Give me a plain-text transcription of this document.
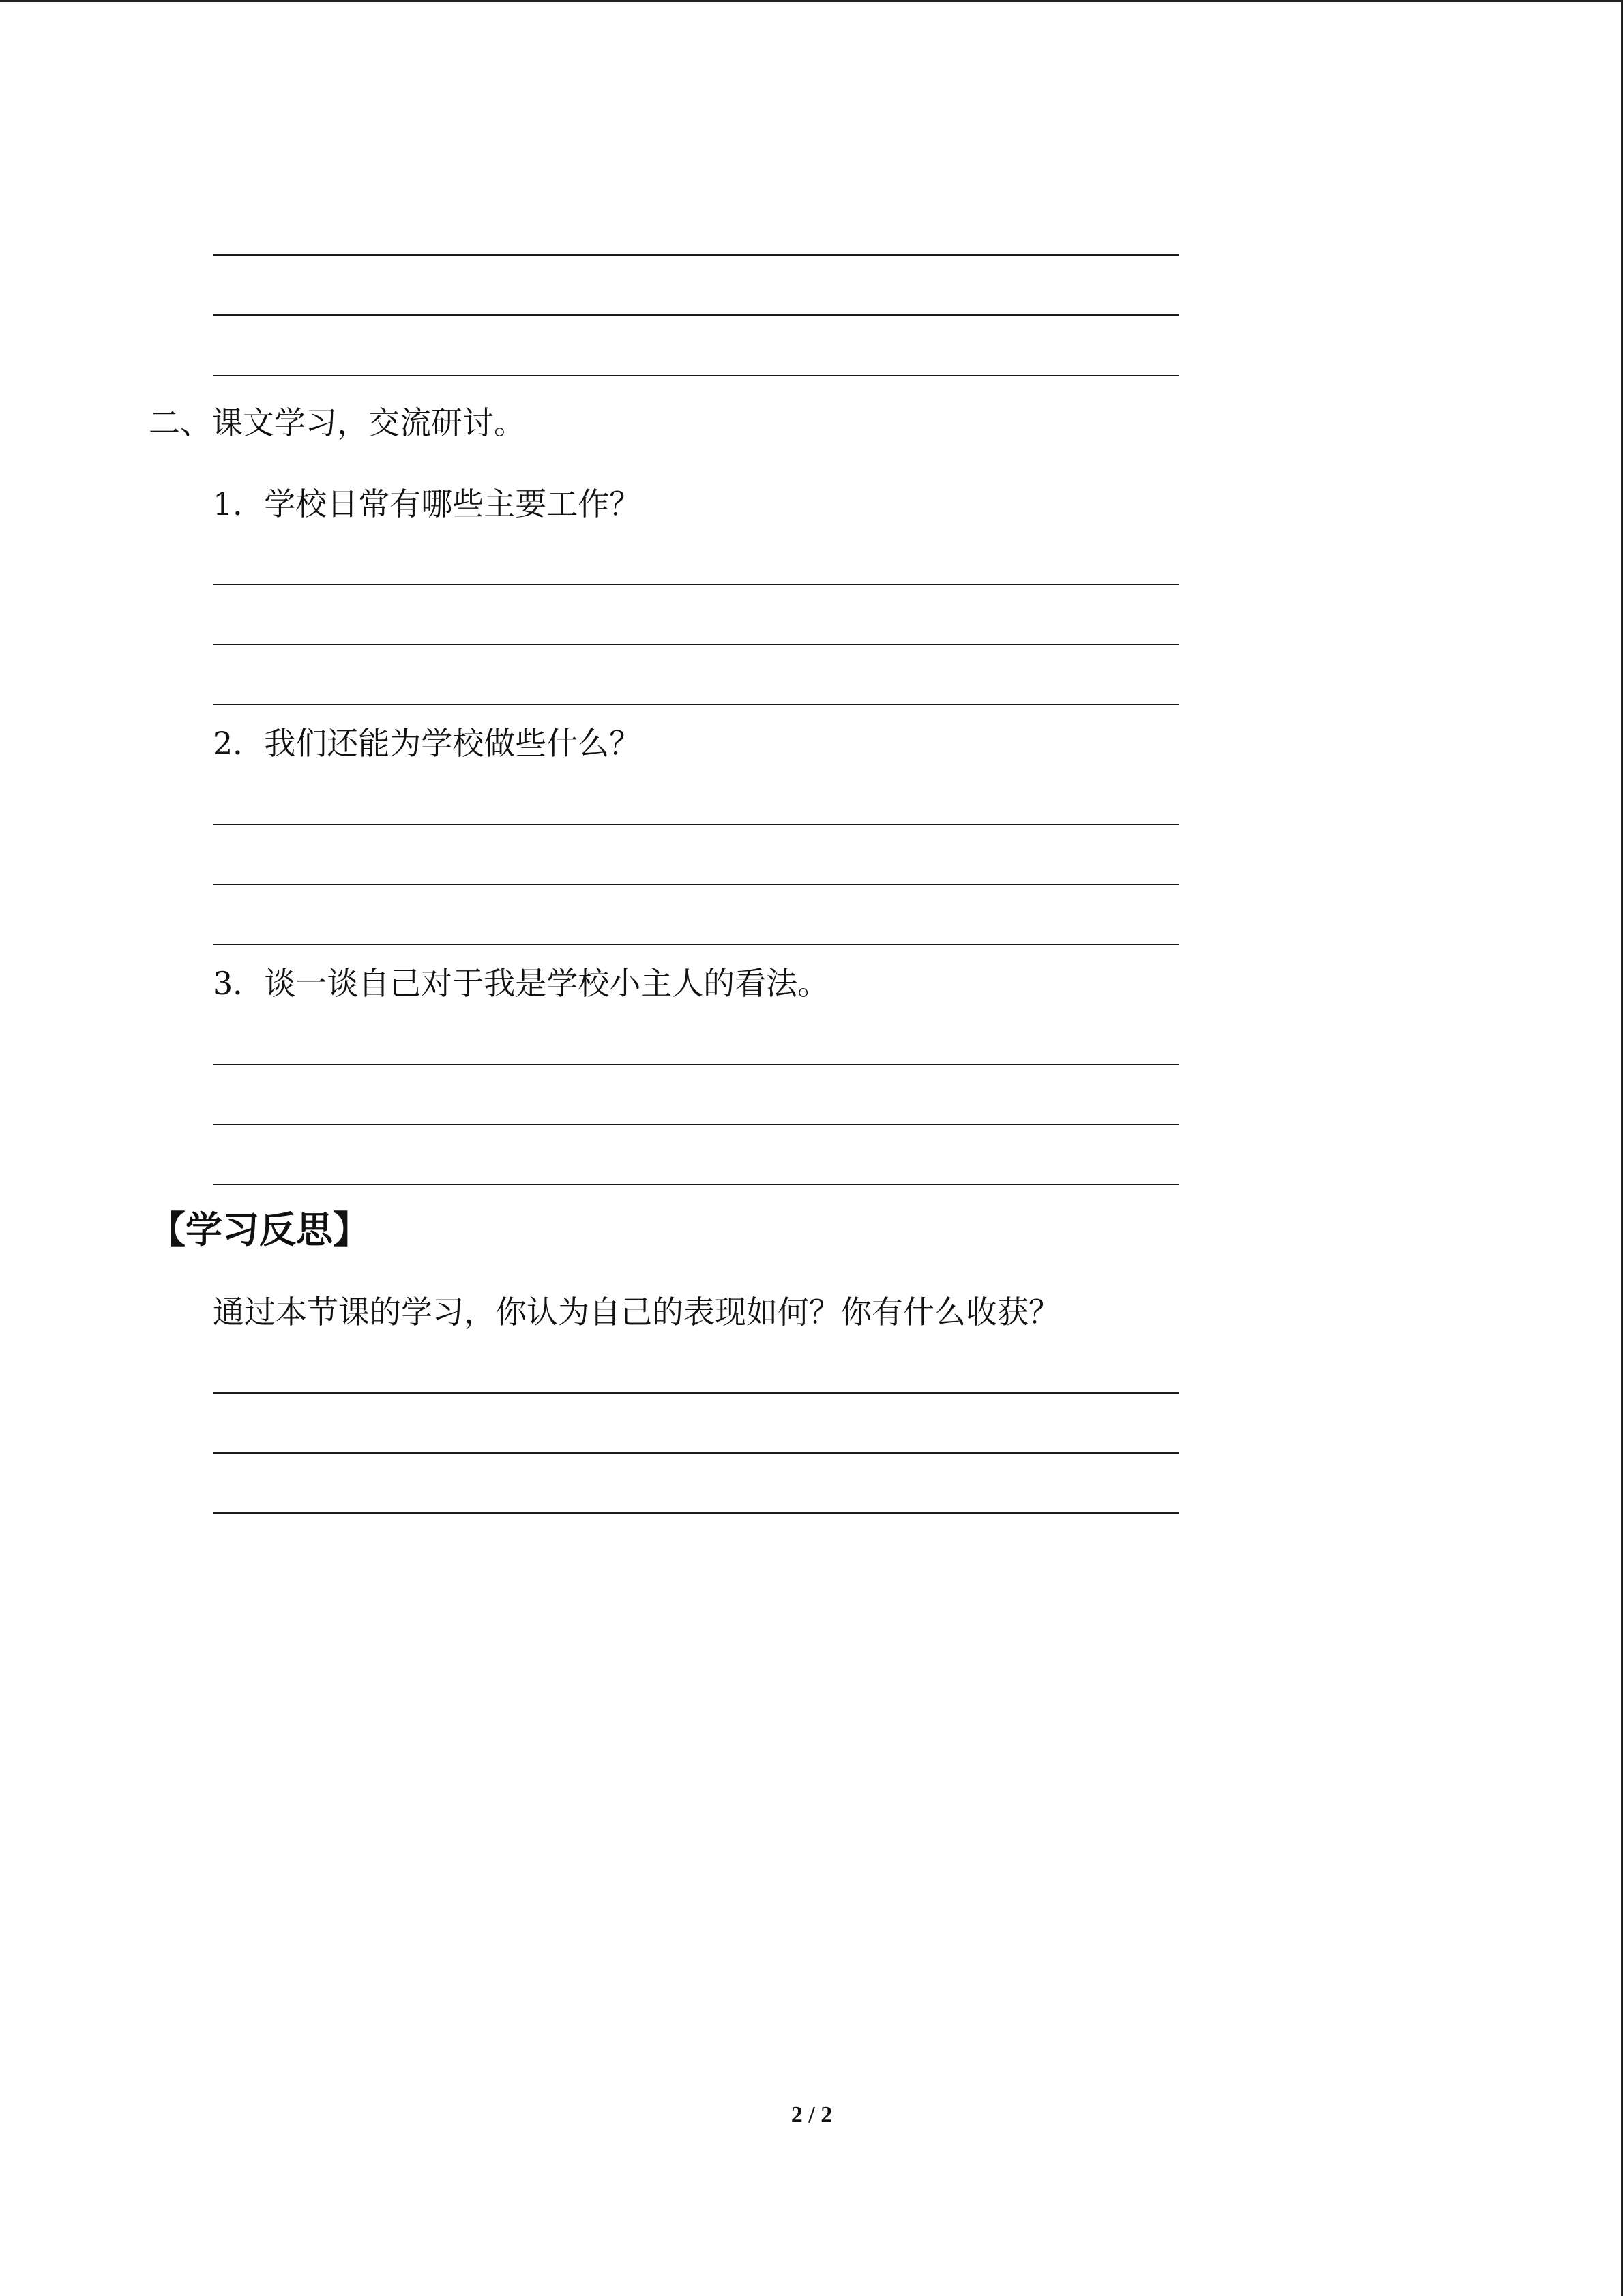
二、课文学习，交流研讨。
1．学校日常有哪些主要工作？
2．我们还能为学校做些什么？
3．谈一谈自己对于我是学校小主人的看法。
【学习反思】
通过本节课的学习，你认为自己的表现如何？你有什么收获？
2 / 2
